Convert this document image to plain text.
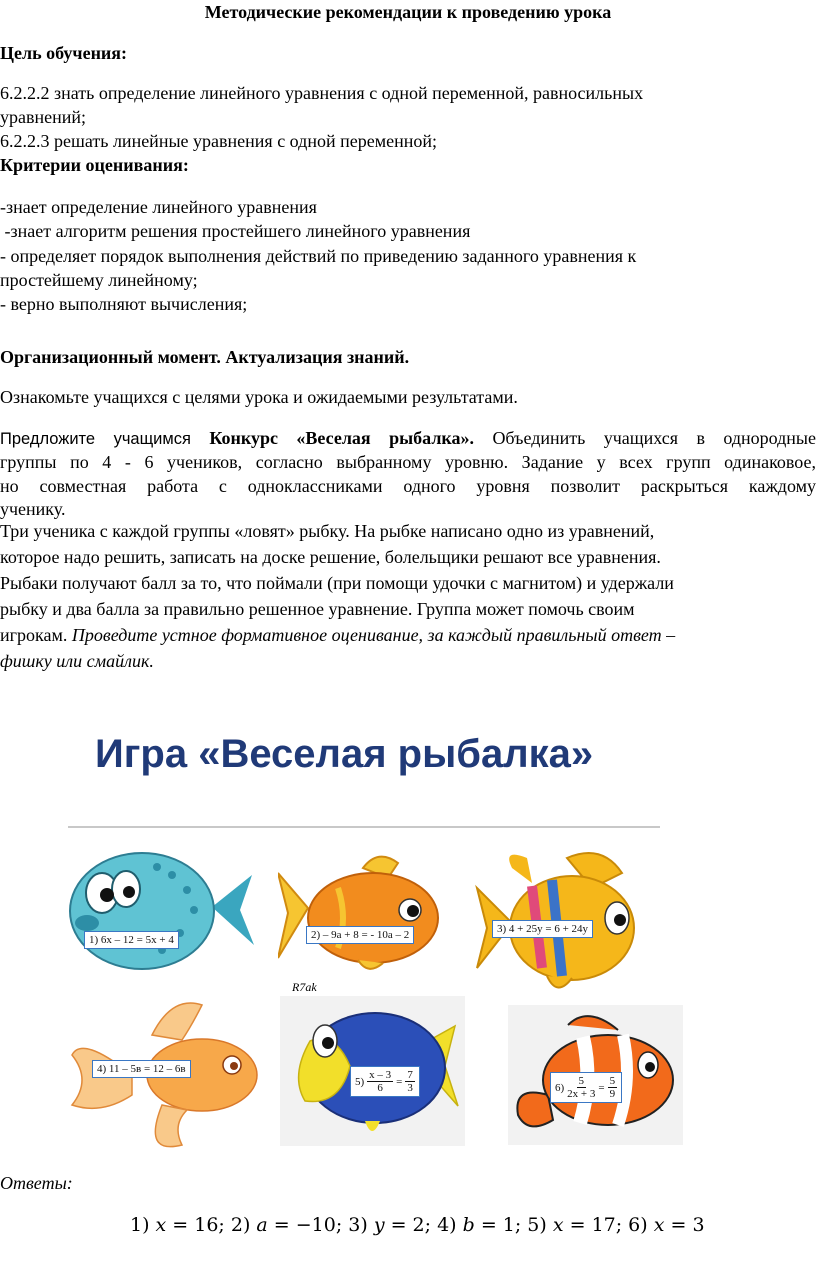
Методические рекомендации к проведению урока
Цель обучения:
6.2.2.2 знать определение линейного уравнения с одной переменной, равносильных
уравнений;
6.2.2.3 решать линейные уравнения с одной переменной;
Критерии оценивания:
-знает определение линейного уравнения
-знает алгоритм решения простейшего линейного уравнения
- определяет порядок выполнения действий по приведению заданного уравнения к
простейшему линейному;
- верно выполняют вычисления;
Организационный момент. Актуализация знаний.
Ознакомьте учащихся с целями урока и ожидаемыми результатами.
Предложите учащимся Конкурс «Веселая рыбалка». Объединить учащихся в однородные
группы по 4 - 6 учеников, согласно выбранному уровню. Задание у всех групп одинаковое,
но совместная работа с одноклассниками одного уровня позволит раскрыться каждому
ученику.
Три ученика с каждой группы «ловят» рыбку. На рыбке написано одно из уравнений,
которое надо решить, записать на доске решение, болельщики решают все уравнения.
Рыбаки получают балл за то, что поймали (при помощи удочки с магнитом) и удержали
рыбку и два балла за правильно решенное уравнение. Группа может помочь своим
игрокам. Проведите устное формативное оценивание, за каждый правильный ответ –
фишку или смайлик.
Игра «Веселая рыбалка»
1) 6х – 12 = 5х + 4	2) – 9а + 8 = - 10а – 2
R7ak
3) 4 + 25у = 6 + 24у
4) 11 – 5в = 12 – 6в
5)
х – 3
6
= $\frac{7}{3}$	6)
5
2х + 3
= $\frac{5}{9}$
Ответы:
1) 𝑥 = 16; 2) 𝑎 = −10; 3) 𝑦 = 2; 4) 𝑏 = 1; 5) 𝑥 = 17; 6) 𝑥 = 3
